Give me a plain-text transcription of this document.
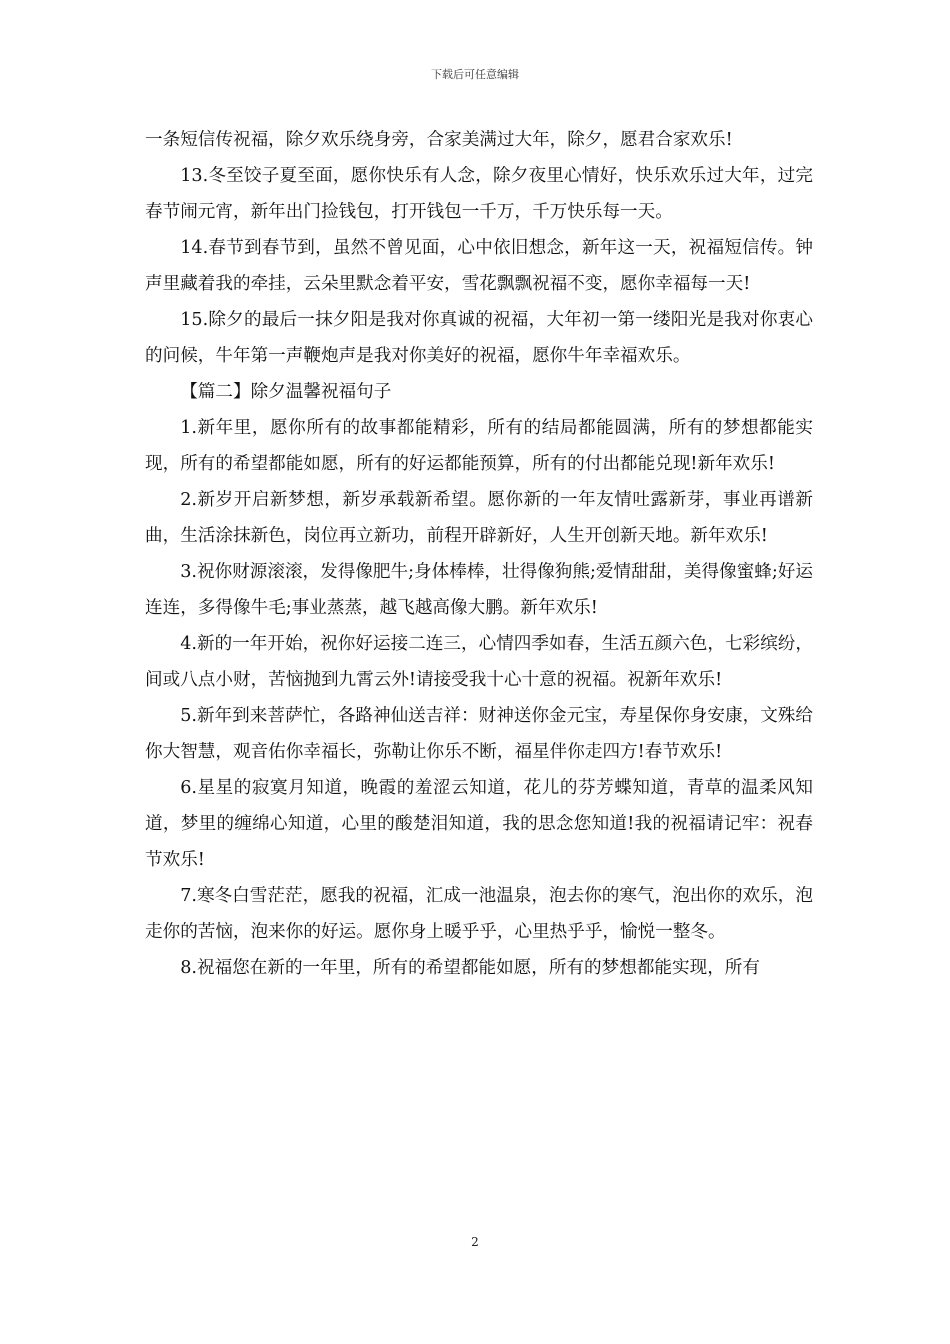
下载后可任意编辑

一条短信传祝福，除夕欢乐绕身旁，合家美满过大年，除夕，愿君合家欢乐!

13.冬至饺子夏至面，愿你快乐有人念，除夕夜里心情好，快乐欢乐过大年，过完春节闹元宵，新年出门捡钱包，打开钱包一千万，千万快乐每一天。

14.春节到春节到，虽然不曾见面，心中依旧想念，新年这一天，祝福短信传。钟声里藏着我的牵挂，云朵里默念着平安，雪花飘飘祝福不变，愿你幸福每一天!

15.除夕的最后一抹夕阳是我对你真诚的祝福，大年初一第一缕阳光是我对你衷心的问候，牛年第一声鞭炮声是我对你美好的祝福，愿你牛年幸福欢乐。

【篇二】除夕温馨祝福句子

1.新年里，愿你所有的故事都能精彩，所有的结局都能圆满，所有的梦想都能实现，所有的希望都能如愿，所有的好运都能预算，所有的付出都能兑现!新年欢乐!

2.新岁开启新梦想，新岁承载新希望。愿你新的一年友情吐露新芽，事业再谱新曲，生活涂抹新色，岗位再立新功，前程开辟新好，人生开创新天地。新年欢乐!

3.祝你财源滚滚，发得像肥牛;身体棒棒，壮得像狗熊;爱情甜甜，美得像蜜蜂;好运连连，多得像牛毛;事业蒸蒸，越飞越高像大鹏。新年欢乐!

4.新的一年开始，祝你好运接二连三，心情四季如春，生活五颜六色，七彩缤纷，间或八点小财，苦恼抛到九霄云外!请接受我十心十意的祝福。祝新年欢乐!

5.新年到来菩萨忙，各路神仙送吉祥：财神送你金元宝，寿星保你身安康，文殊给你大智慧，观音佑你幸福长，弥勒让你乐不断，福星伴你走四方!春节欢乐!

6.星星的寂寞月知道，晚霞的羞涩云知道，花儿的芬芳蝶知道，青草的温柔风知道，梦里的缠绵心知道，心里的酸楚泪知道，我的思念您知道!我的祝福请记牢：祝春节欢乐!

7.寒冬白雪茫茫，愿我的祝福，汇成一池温泉，泡去你的寒气，泡出你的欢乐，泡走你的苦恼，泡来你的好运。愿你身上暖乎乎，心里热乎乎，愉悦一整冬。

8.祝福您在新的一年里，所有的希望都能如愿，所有的梦想都能实现，所有

2
